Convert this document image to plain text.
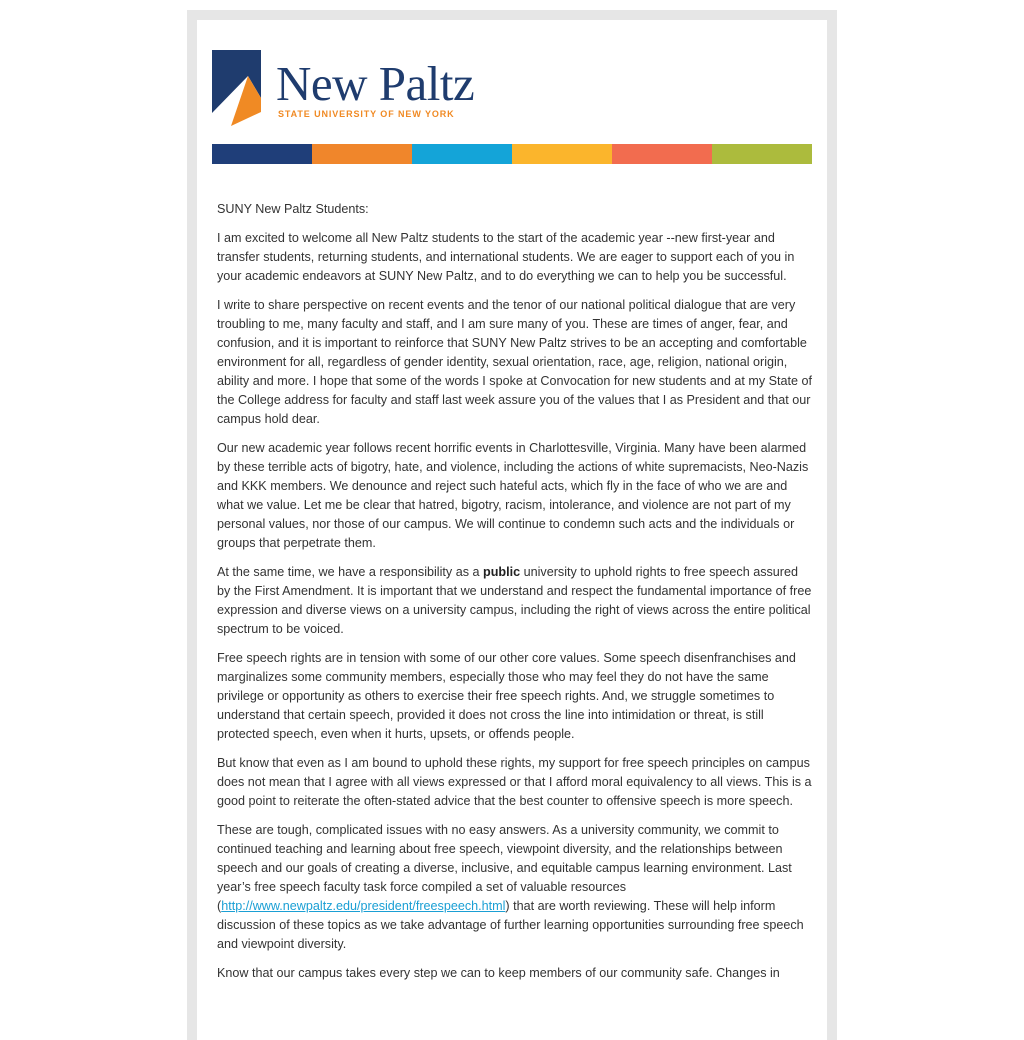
New Paltz
STATE UNIVERSITY OF NEW YORK

SUNY New Paltz Students:

I am excited to welcome all New Paltz students to the start of the academic year --new first-year and transfer students, returning students, and international students. We are eager to support each of you in your academic endeavors at SUNY New Paltz, and to do everything we can to help you be successful.

I write to share perspective on recent events and the tenor of our national political dialogue that are very troubling to me, many faculty and staff, and I am sure many of you. These are times of anger, fear, and confusion, and it is important to reinforce that SUNY New Paltz strives to be an accepting and comfortable environment for all, regardless of gender identity, sexual orientation, race, age, religion, national origin, ability and more. I hope that some of the words I spoke at Convocation for new students and at my State of the College address for faculty and staff last week assure you of the values that I as President and that our campus hold dear.

Our new academic year follows recent horrific events in Charlottesville, Virginia. Many have been alarmed by these terrible acts of bigotry, hate, and violence, including the actions of white supremacists, Neo-Nazis and KKK members. We denounce and reject such hateful acts, which fly in the face of who we are and what we value. Let me be clear that hatred, bigotry, racism, intolerance, and violence are not part of my personal values, nor those of our campus. We will continue to condemn such acts and the individuals or groups that perpetrate them.

At the same time, we have a responsibility as a public university to uphold rights to free speech assured by the First Amendment. It is important that we understand and respect the fundamental importance of free expression and diverse views on a university campus, including the right of views across the entire political spectrum to be voiced.

Free speech rights are in tension with some of our other core values. Some speech disenfranchises and marginalizes some community members, especially those who may feel they do not have the same privilege or opportunity as others to exercise their free speech rights. And, we struggle sometimes to understand that certain speech, provided it does not cross the line into intimidation or threat, is still protected speech, even when it hurts, upsets, or offends people.

But know that even as I am bound to uphold these rights, my support for free speech principles on campus does not mean that I agree with all views expressed or that I afford moral equivalency to all views. This is a good point to reiterate the often-stated advice that the best counter to offensive speech is more speech.

These are tough, complicated issues with no easy answers. As a university community, we commit to continued teaching and learning about free speech, viewpoint diversity, and the relationships between speech and our goals of creating a diverse, inclusive, and equitable campus learning environment. Last year’s free speech faculty task force compiled a set of valuable resources (http://www.newpaltz.edu/president/freespeech.html) that are worth reviewing. These will help inform discussion of these topics as we take advantage of further learning opportunities surrounding free speech and viewpoint diversity.

Know that our campus takes every step we can to keep members of our community safe. Changes in
